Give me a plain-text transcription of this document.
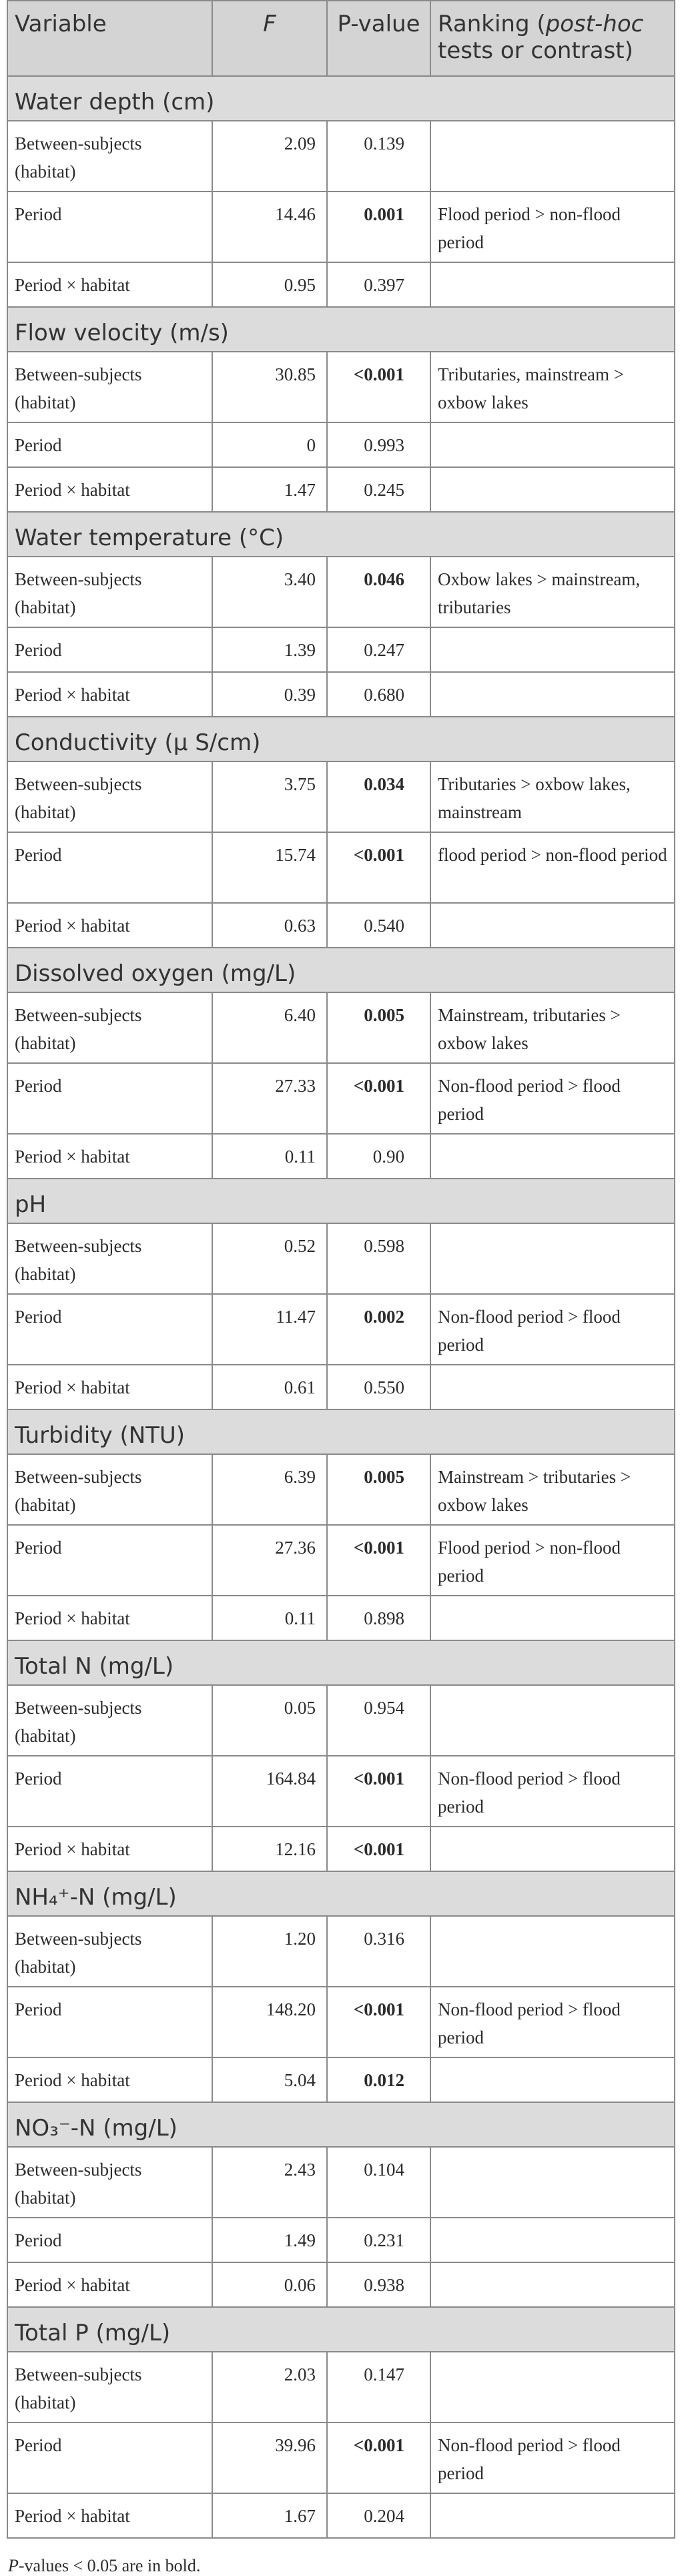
Variable	F	P-value	Ranking (post-hoc tests or contrast)
Water depth (cm)			
Between-subjects (habitat)	2.09	0.139	
Period	14.46	0.001	Flood period > non-flood period
Period × habitat	0.95	0.397	
Flow velocity (m/s)			
Between-subjects (habitat)	30.85	<0.001	Tributaries, mainstream > oxbow lakes
Period	0	0.993	
Period × habitat	1.47	0.245	
Water temperature (°C)			
Between-subjects (habitat)	3.40	0.046	Oxbow lakes > mainstream, tributaries
Period	1.39	0.247	
Period × habitat	0.39	0.680	
Conductivity (μ S/cm)			
Between-subjects (habitat)	3.75	0.034	Tributaries > oxbow lakes, mainstream
Period	15.74	<0.001	flood period > non-flood period
Period × habitat	0.63	0.540	
Dissolved oxygen (mg/L)			
Between-subjects (habitat)	6.40	0.005	Mainstream, tributaries > oxbow lakes
Period	27.33	<0.001	Non-flood period > flood period
Period × habitat	0.11	0.90	
pH			
Between-subjects (habitat)	0.52	0.598	
Period	11.47	0.002	Non-flood period > flood period
Period × habitat	0.61	0.550	
Turbidity (NTU)			
Between-subjects (habitat)	6.39	0.005	Mainstream > tributaries > oxbow lakes
Period	27.36	<0.001	Flood period > non-flood period
Period × habitat	0.11	0.898	
Total N (mg/L)			
Between-subjects (habitat)	0.05	0.954	
Period	164.84	<0.001	Non-flood period > flood period
Period × habitat	12.16	<0.001	
NH₄⁺-N (mg/L)			
Between-subjects (habitat)	1.20	0.316	
Period	148.20	<0.001	Non-flood period > flood period
Period × habitat	5.04	0.012	
NO₃⁻-N (mg/L)			
Between-subjects (habitat)	2.43	0.104	
Period	1.49	0.231	
Period × habitat	0.06	0.938	
Total P (mg/L)			
Between-subjects (habitat)	2.03	0.147	
Period	39.96	<0.001	Non-flood period > flood period
Period × habitat	1.67	0.204	
P-values < 0.05 are in bold.
